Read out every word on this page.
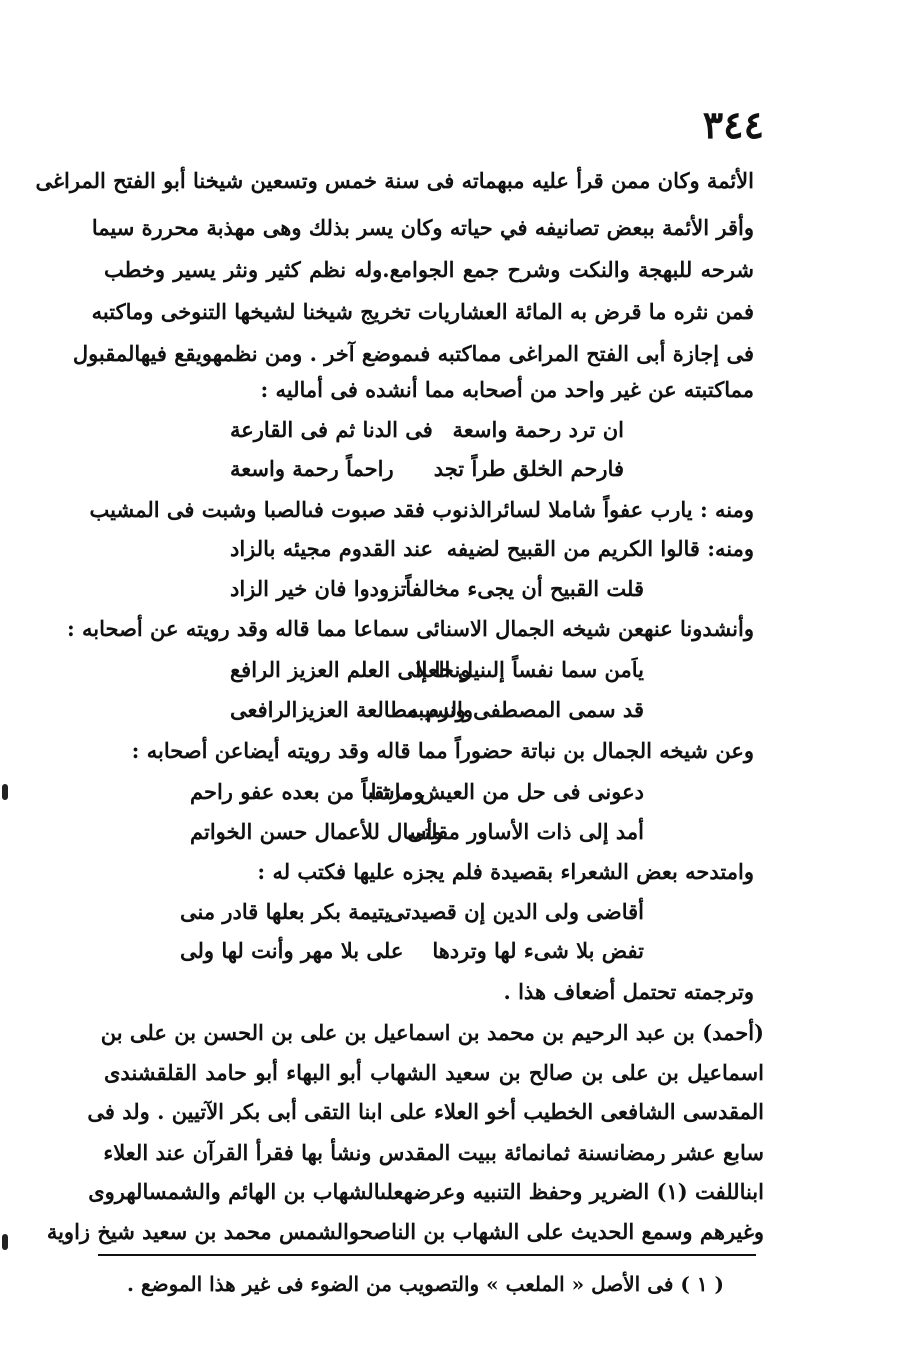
٣٤٤
الأئمة وكان ممن قرأ عليه مبهماته فى سنة خمس وتسعين شيخنا أبو الفتح المراغى
وأقر الأئمة ببعض تصانيفه في حياته وكان يسر بذلك وهى مهذبة محررة سيما
شرحه للبهجة والنكت وشرح جمع الجوامع.وله نظم كثير ونثر يسير وخطب
فمن نثره ما قرض به المائة العشاريات تخريج شيخنا لشيخها التنوخى وماكتبه
فى إجازة أبى الفتح المراغى مماكتبه فىموضع آخر . ومن نظمهويقع فيهالمقبول
مماكتبته عن غير واحد من أصحابه مما أنشده فى أماليه :
ان ترد رحمة واسعة
فى الدنا ثم فى القارعة
فارحم الخلق طراً تجد
راحماً رحمة واسعة
ومنه : يارب عفواً شاملا لسائرالذنوب فقد صبوت فىالصبا وشبت فى المشيب
ومنه: قالوا الكريم من القبيح لضيفه
عند القدوم مجيئه بالزاد
قلت القبيح أن يجىء مخالفاً
تزودوا فان خير الزاد
وأنشدونا عنهعن شيخه الجمال الاسنائى سماعا مما قاله وقد رويته عن أصحابه :
ياَمن سما نفساً إلىنيل العلا
ونحا إلى العلم العزيز الرافع
قد سمى المصطفى ونسيبه
والزم مطالعة العزيزالرافعى
وعن شيخه الجمال بن نباتة حضوراً مما قاله وقد رويته أيضاعن أصحابه :
دعونى فى حل من العيش ماشا
ومرتقباً من بعده عفو راحم
أمد إلى ذات الأساور مقلتى
وأسال للأعمال حسن الخواتم
وامتدحه بعض الشعراء بقصيدة فلم يجزه عليها فكتب له :
أقاضى ولى الدين إن قصيدتى
يتيمة بكر بعلها قادر منى
تفض بلا شىء لها وتردها
على بلا مهر وأنت لها ولى
وترجمته تحتمل أضعاف هذا .
(أحمد) بن عبد الرحيم بن محمد بن اسماعيل بن على بن الحسن بن على بن
اسماعيل بن على بن صالح بن سعيد الشهاب أبو البهاء أبو حامد القلقشندى
المقدسى الشافعى الخطيب أخو العلاء على ابنا التقى أبى بكر الآتيين . ولد فى
سابع عشر رمضانسنة ثمانمائة ببيت المقدس ونشأ بها فقرأ القرآن عند العلاء
ابناللفت (١) الضرير وحفظ التنبيه وعرضهعلىالشهاب بن الهائم والشمسالهروى
وغيرهم وسمع الحديث على الشهاب بن الناصحوالشمس محمد بن سعيد شيخ زاوية
( ١ ) فى الأصل « الملعب » والتصويب من الضوء فى غير هذا الموضع .
